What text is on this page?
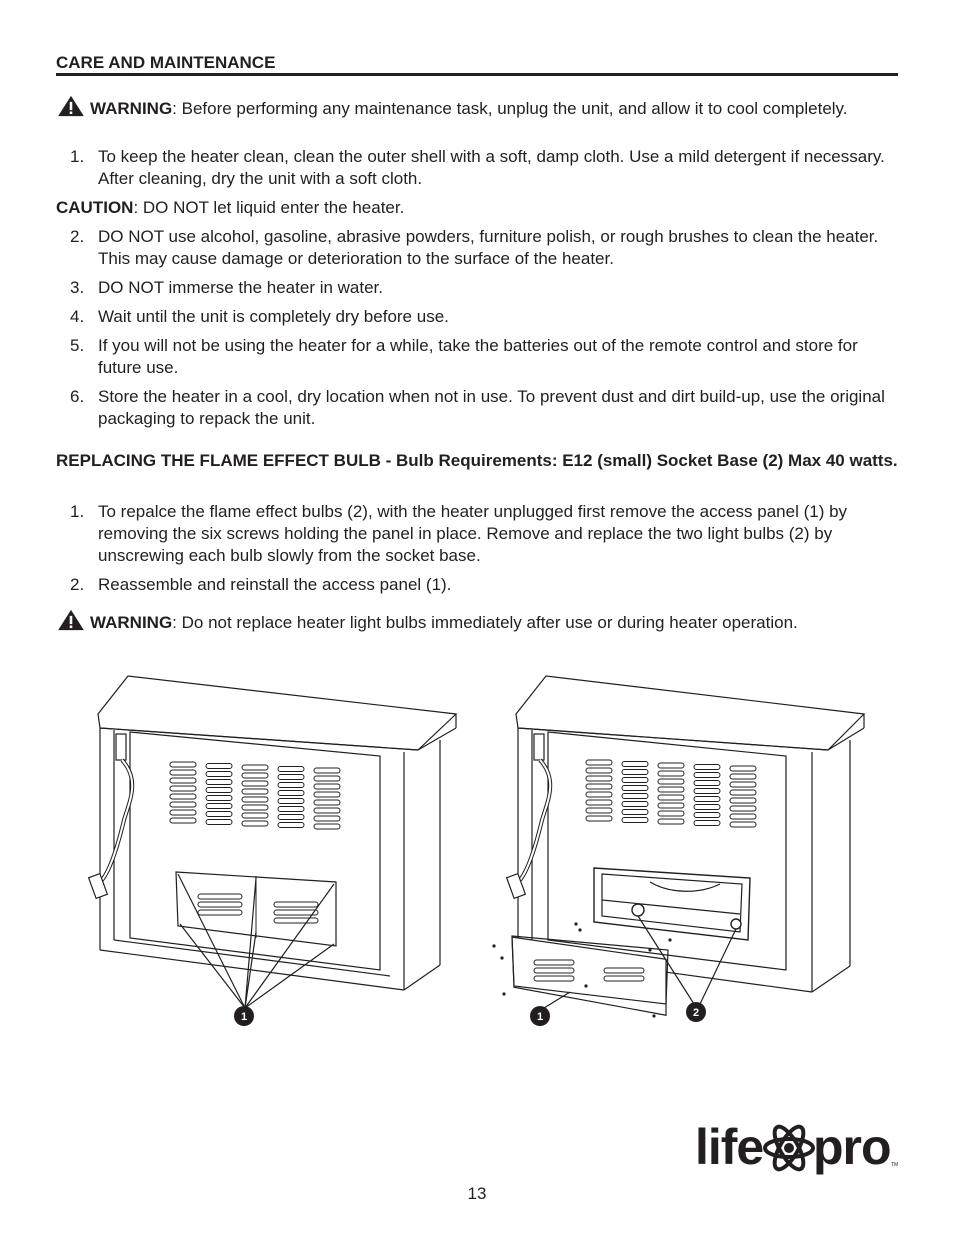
CARE AND MAINTENANCE
WARNING: Before performing any maintenance task, unplug the unit, and allow it to cool completely.
1. To keep the heater clean, clean the outer shell with a soft, damp cloth. Use a mild detergent if necessary. After cleaning, dry the unit with a soft cloth.
CAUTION: DO NOT let liquid enter the heater.
2. DO NOT use alcohol, gasoline, abrasive powders, furniture polish, or rough brushes to clean the heater. This may cause damage or deterioration to the surface of the heater.
3. DO NOT immerse the heater in water.
4. Wait until the unit is completely dry before use.
5. If you will not be using the heater for a while, take the batteries out of the remote control and store for future use.
6. Store the heater in a cool, dry location when not in use. To prevent dust and dirt build-up, use the original packaging to repack the unit.
REPLACING THE FLAME EFFECT BULB - Bulb Requirements: E12 (small) Socket Base (2) Max 40 watts.
1. To repalce the flame effect bulbs (2), with the heater unplugged first remove the access panel (1) by removing the six screws holding the panel in place. Remove and replace the two light bulbs (2) by unscrewing each bulb slowly from the socket base.
2. Reassemble and reinstall the access panel (1).
WARNING: Do not replace heater light bulbs immediately after use or during heater operation.
1	1	2
life pro TM
13
